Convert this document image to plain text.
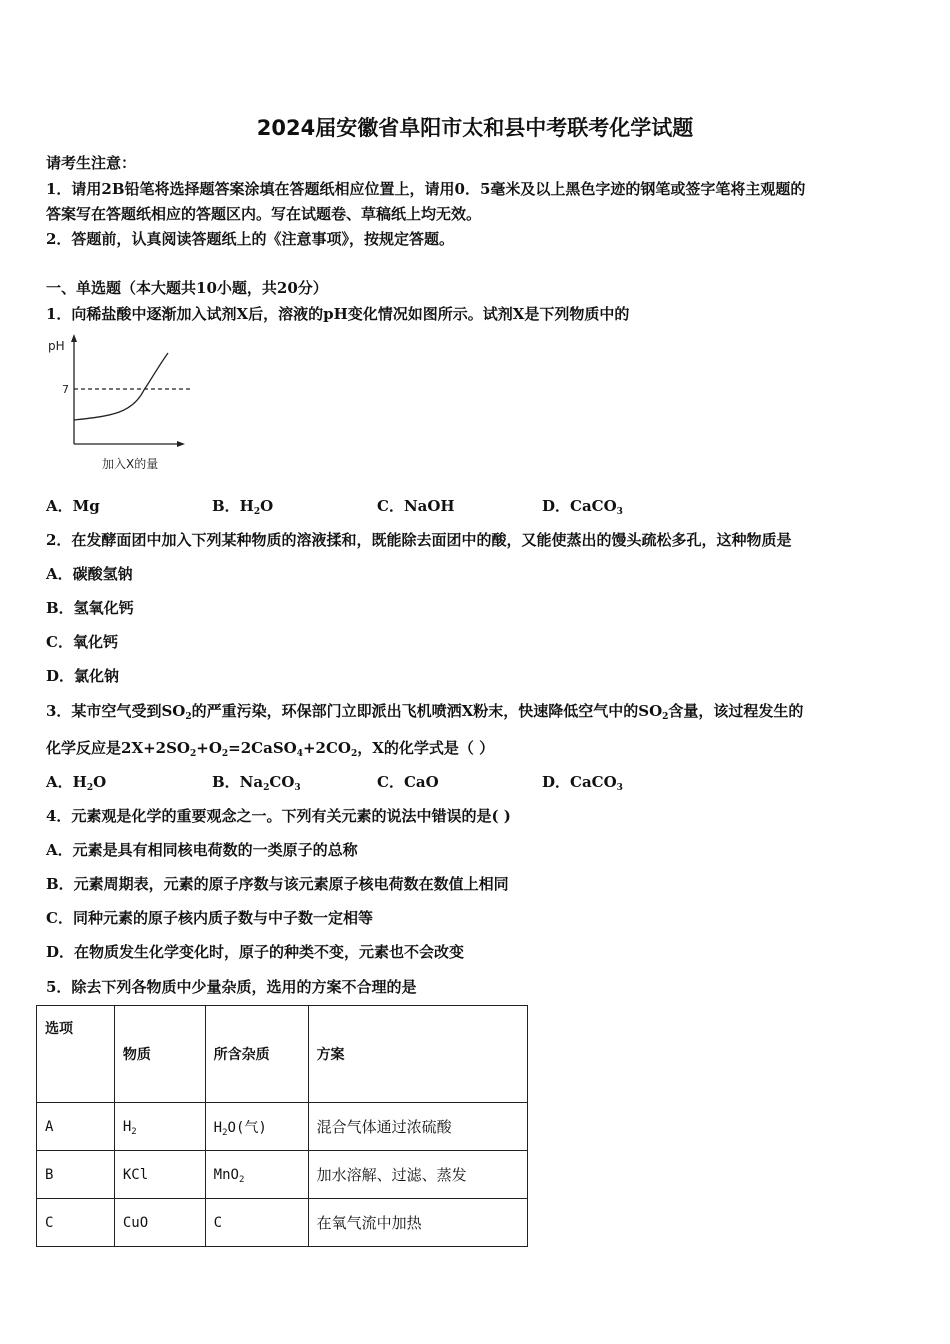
2024届安徽省阜阳市太和县中考联考化学试题
请考生注意：
1．请用2B铅笔将选择题答案涂填在答题纸相应位置上，请用0．5毫米及以上黑色字迹的钢笔或签字笔将主观题的
答案写在答题纸相应的答题区内。写在试题卷、草稿纸上均无效。
2．答题前，认真阅读答题纸上的《注意事项》，按规定答题。
一、单选题（本大题共10小题，共20分）
1．向稀盐酸中逐渐加入试剂X后，溶液的pH变化情况如图所示。试剂X是下列物质中的
pH
7
加入X的量
A．Mg	B．$H_2O$	C．NaOH	D．CaCO$_3$
2．在发酵面团中加入下列某种物质的溶液揉和，既能除去面团中的酸，又能使蒸出的馒头疏松多孔，这种物质是
A．碳酸氢钠
B．氢氧化钙
C．氧化钙
D．氯化钠
3．某市空气受到$SO_2$的严重污染，环保部门立即派出飞机喷洒X粉末，快速降低空气中的$SO_2$含量，该过程发生的
化学反应是$2X+2SO_2+O_2=2CaSO_4+2CO_2$，X的化学式是（ ）
A．$H_2O$	B．$Na_2CO_3$	C．CaO	D．CaCO$_3$
4．元素观是化学的重要观念之一。下列有关元素的说法中错误的是( )
A．元素是具有相同核电荷数的一类原子的总称
B．元素周期表，元素的原子序数与该元素原子核电荷数在数值上相同
C．同种元素的原子核内质子数与中子数一定相等
D．在物质发生化学变化时，原子的种类不变，元素也不会改变
5．除去下列各物质中少量杂质，选用的方案不合理的是
选项	物质	所含杂质	方案
A	$H_2$	$H_2O$(气)	混合气体通过浓硫酸
B	KCl	MnO$_2$	加水溶解、过滤、蒸发
C	CuO	C	在氧气流中加热
